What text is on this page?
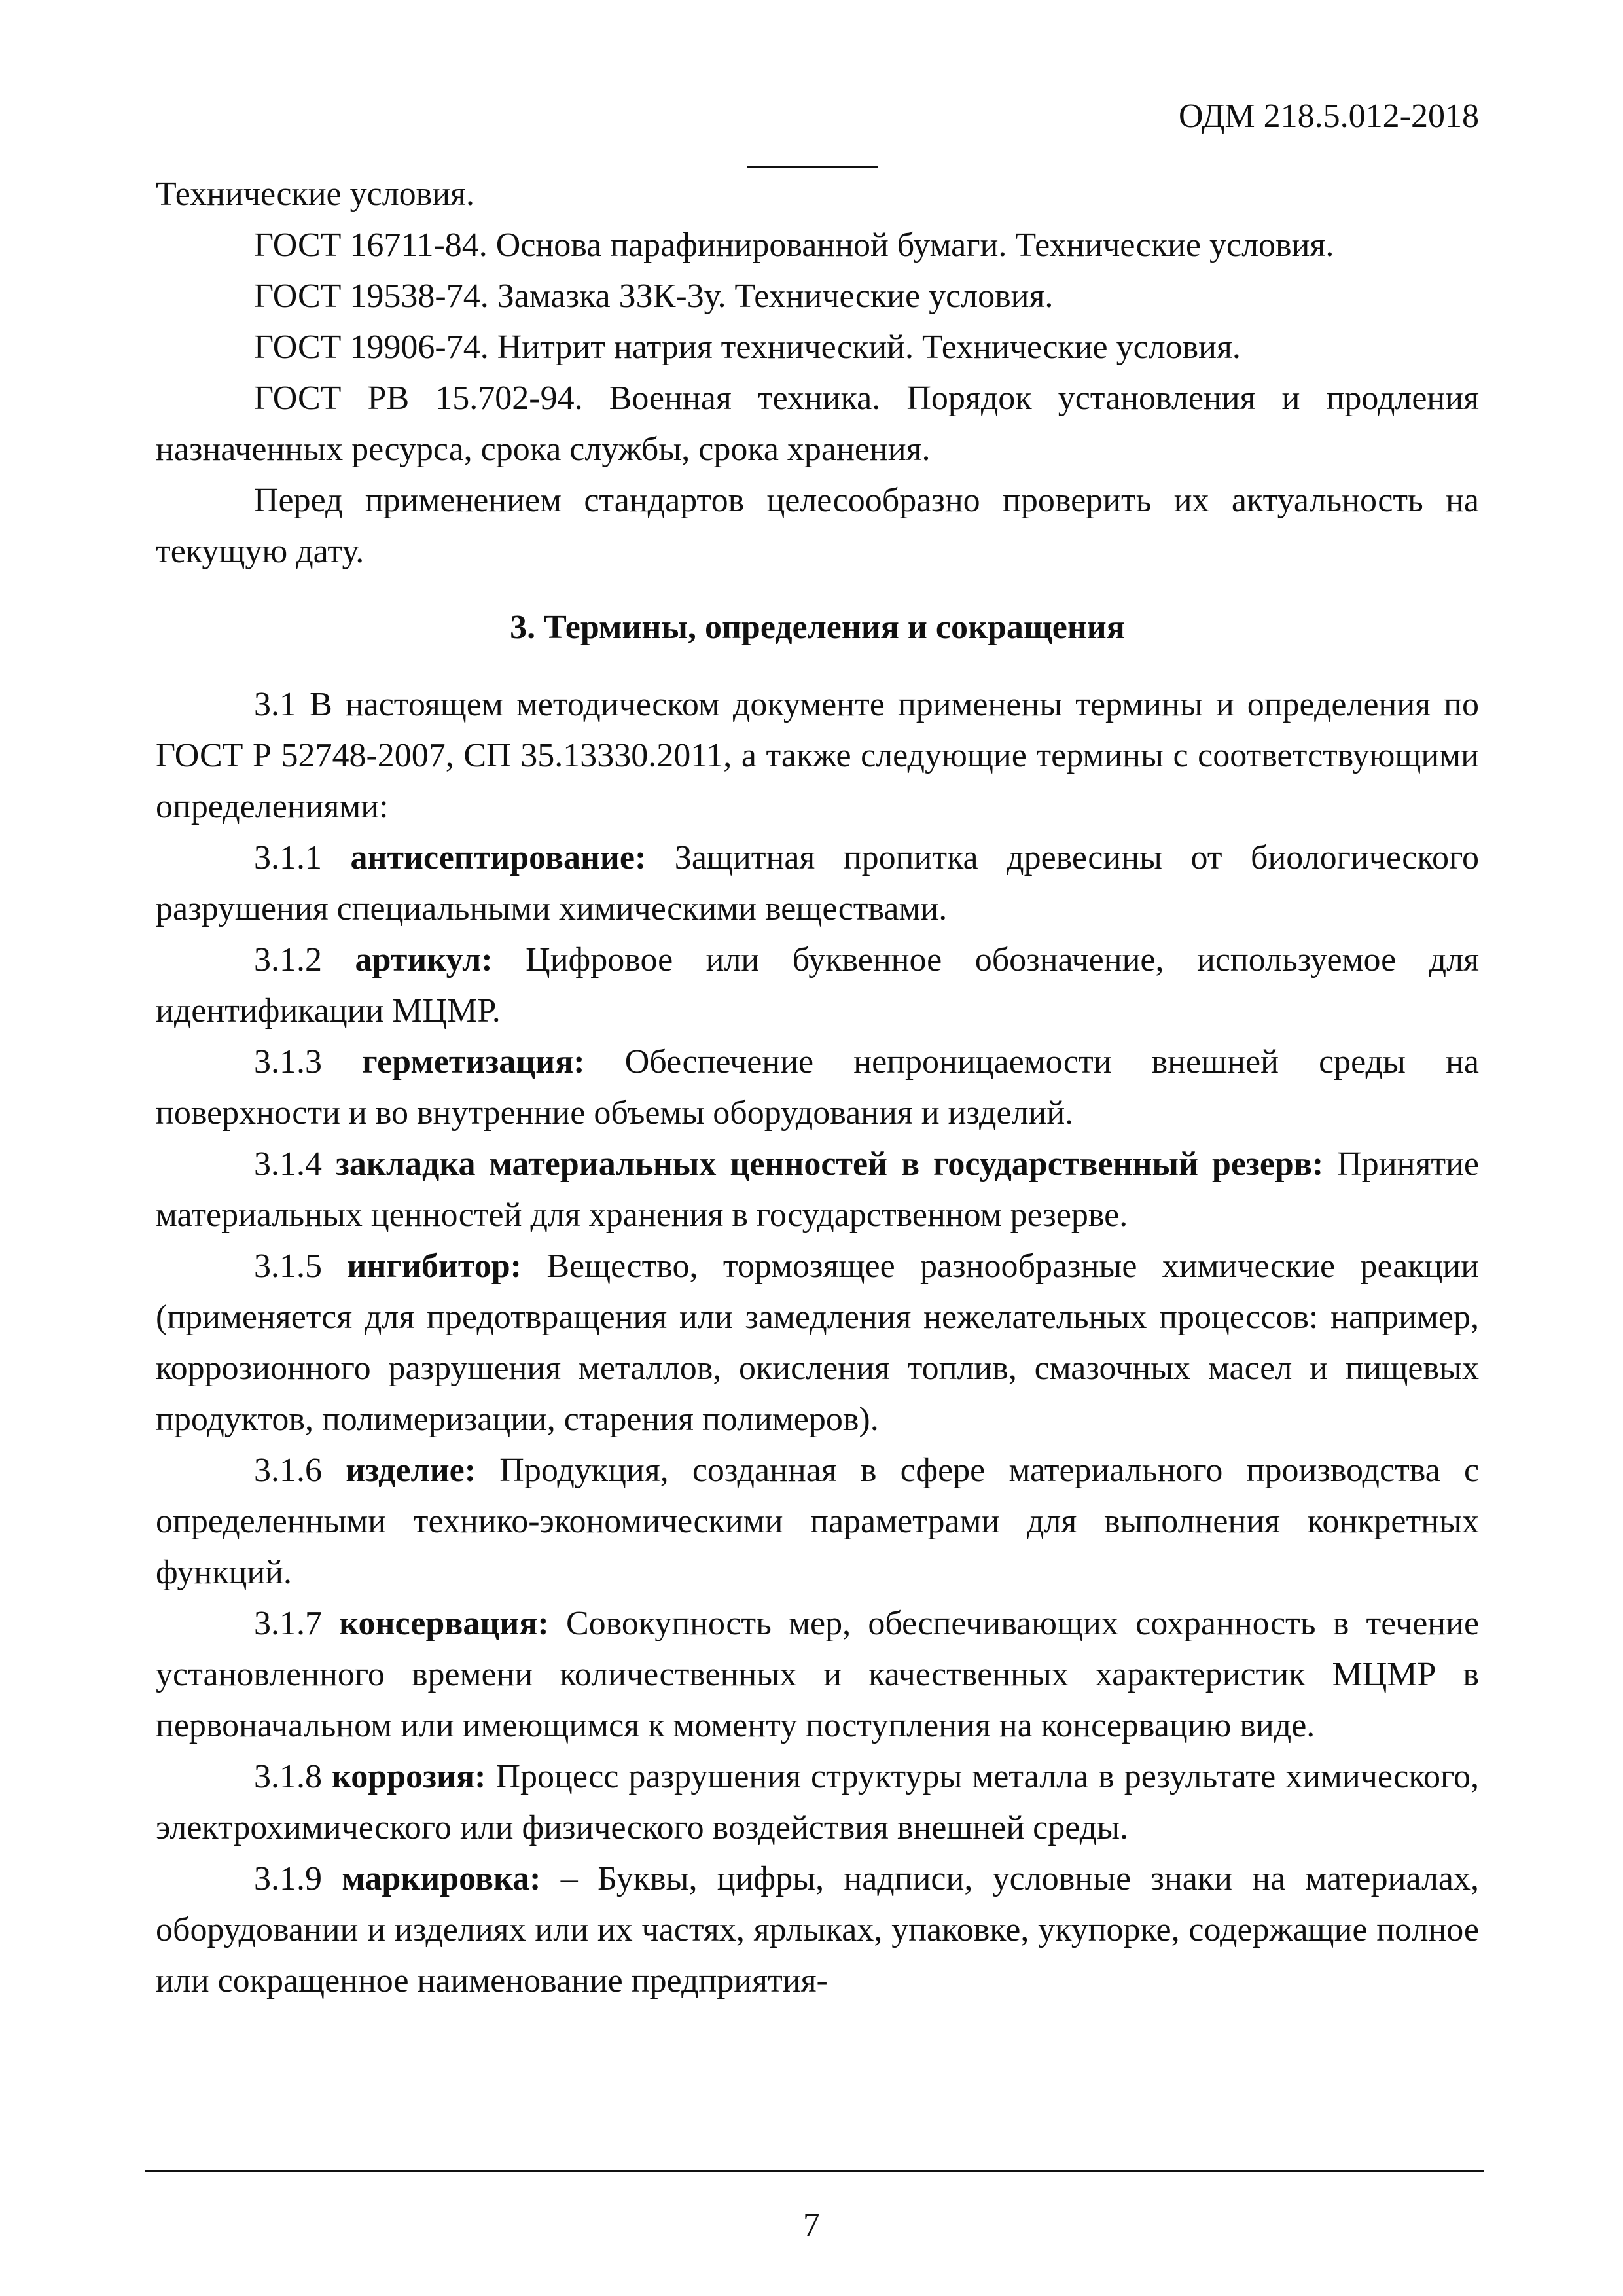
ОДМ 218.5.012-2018

Технические условия.

ГОСТ 16711-84. Основа парафинированной бумаги. Технические условия.

ГОСТ 19538-74. Замазка ЗЗК-3у. Технические условия.

ГОСТ 19906-74. Нитрит натрия технический. Технические условия.

ГОСТ РВ 15.702-94. Военная техника. Порядок установления и продления назначенных ресурса, срока службы, срока хранения.

Перед применением стандартов целесообразно проверить их актуальность на текущую дату.

3. Термины, определения и сокращения

3.1 В настоящем методическом документе применены термины и определения по ГОСТ Р 52748-2007, СП 35.13330.2011, а также следующие термины с соответствующими определениями:

3.1.1 антисептирование: Защитная пропитка древесины от биологического разрушения специальными химическими веществами.

3.1.2 артикул: Цифровое или буквенное обозначение, используемое для идентификации МЦМР.

3.1.3 герметизация: Обеспечение непроницаемости внешней среды на поверхности и во внутренние объемы оборудования и изделий.

3.1.4 закладка материальных ценностей в государственный резерв: Принятие материальных ценностей для хранения в государственном резерве.

3.1.5 ингибитор: Вещество, тормозящее разнообразные химические реакции (применяется для предотвращения или замедления нежелательных процессов: например, коррозионного разрушения металлов, окисления топлив, смазочных масел и пищевых продуктов, полимеризации, старения полимеров).

3.1.6 изделие: Продукция, созданная в сфере материального производства с определенными технико-экономическими параметрами для выполнения конкретных функций.

3.1.7 консервация: Совокупность мер, обеспечивающих сохранность в течение установленного времени количественных и качественных характеристик МЦМР в первоначальном или имеющимся к моменту поступления на консервацию виде.

3.1.8 коррозия: Процесс разрушения структуры металла в результате химического, электрохимического или физического воздействия внешней среды.

3.1.9 маркировка: – Буквы, цифры, надписи, условные знаки на материалах, оборудовании и изделиях или их частях, ярлыках, упаковке, укупорке, содержащие полное или сокращенное наименование предприятия-

7
